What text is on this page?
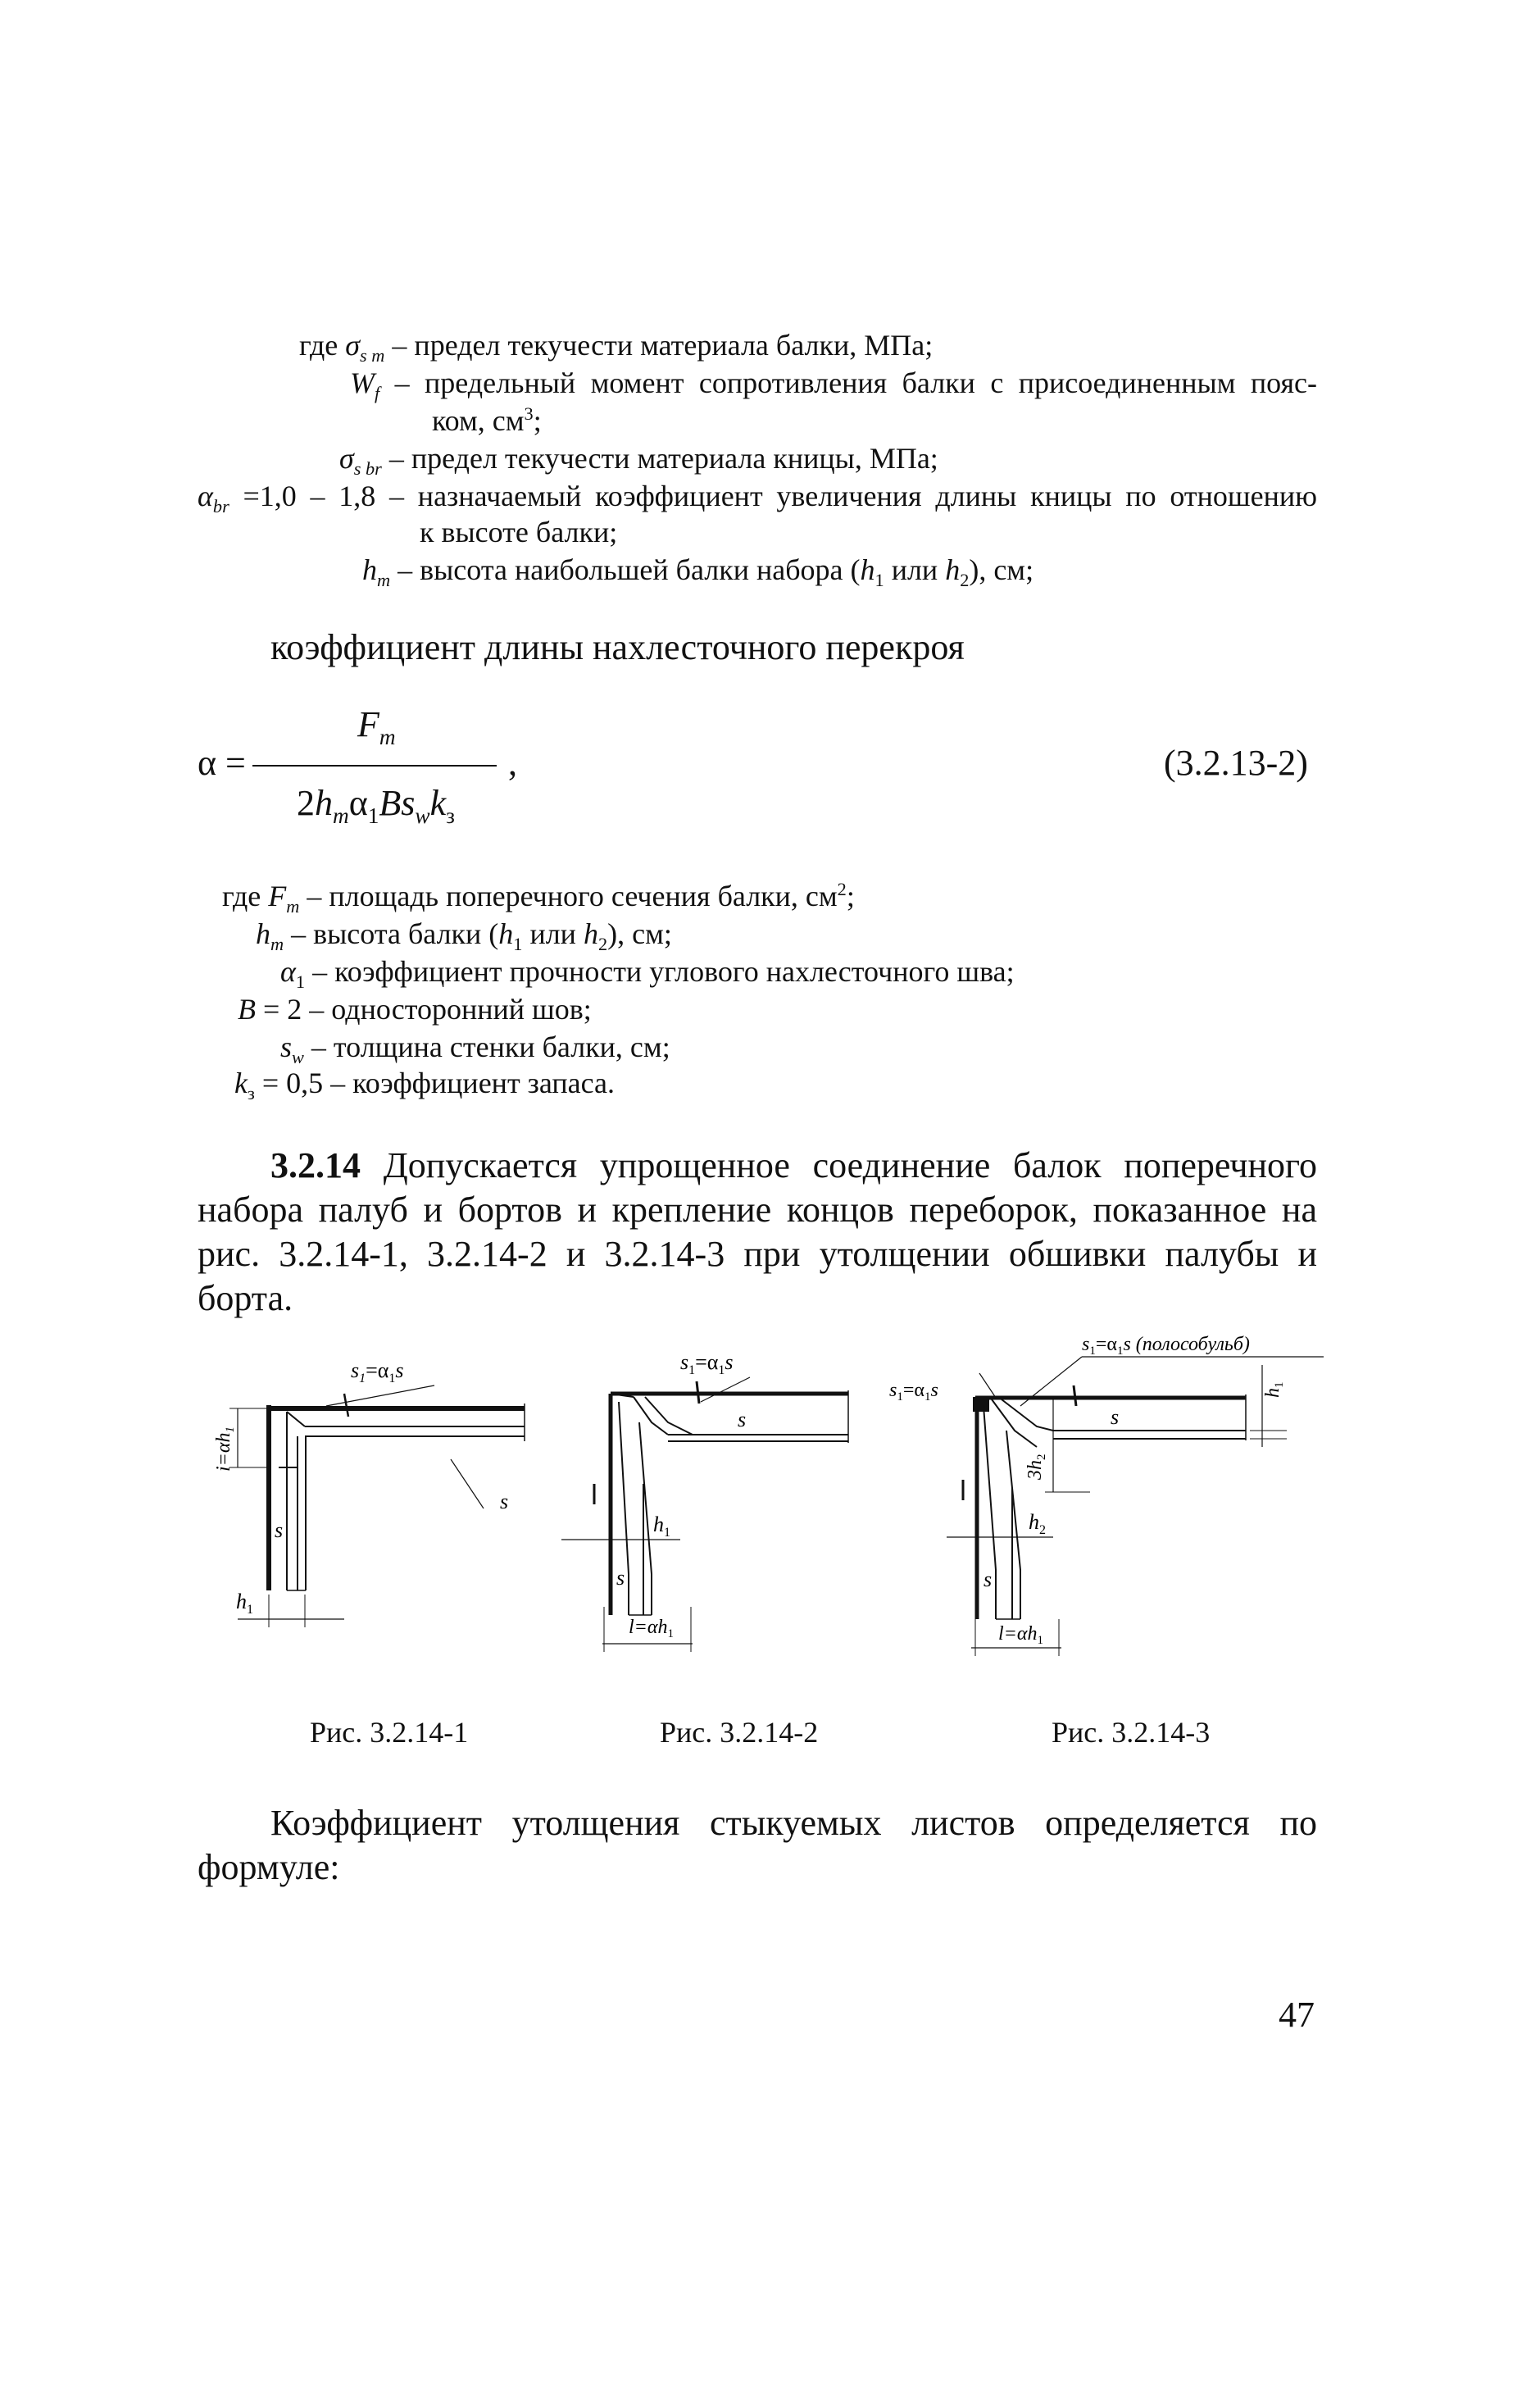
где $\sigma_{s m}$ – предел текучести материала балки, МПа;
$W_f$ – предельный момент сопротивления балки с присоединенным пояс-
ком, $см^3$;
$\sigma_{s br}$ – предел текучести материала кницы, МПа;
$\alpha_{br} =1,0 - 1,8$ – назначаемый коэффициент увеличения длины кницы по отношению
к высоте балки;
$h_m$ – высота наибольшей балки набора ($h_1$ или $h_2$), см;
коэффициент длины нахлесточного перекроя
α =
$F_m$
$2h_m\alpha_1Bs_wk_з$
,	(3.2.13-2)
где $F_m$ – площадь поперечного сечения балки, $см^2$;
$h_m$ – высота балки ($h_1$ или $h_2$), см;
$\alpha_1$ – коэффициент прочности углового нахлесточного шва;
B = 2 – односторонний шов;
$s_w$ – толщина стенки балки, см;
$k_з = 0,5$ – коэффициент запаса.
3.2.14 Допускается упрощенное соединение балок поперечного
набора палуб и бортов и крепление концов переборок, показанное на
рис. 3.2.14-1, 3.2.14-2 и 3.2.14-3 при утолщении обшивки палубы и
борта.
$s_1=\alpha_1s$
$i=\alpha h_1$
s
s
$h_1$
Рис. 3.2.14-1
$s_1=\alpha_1s$
s
$h_1$
s
$l=\alpha h_1$
Рис. 3.2.14-2
$s_1=\alpha_1s$ (полособульб)
$s_1=\alpha_1s$
s
$h_1$
$3h_2$
$h_2$
s
$l=\alpha h_1$
Рис. 3.2.14-3
Коэффициент утолщения стыкуемых листов определяется по
формуле:
47
